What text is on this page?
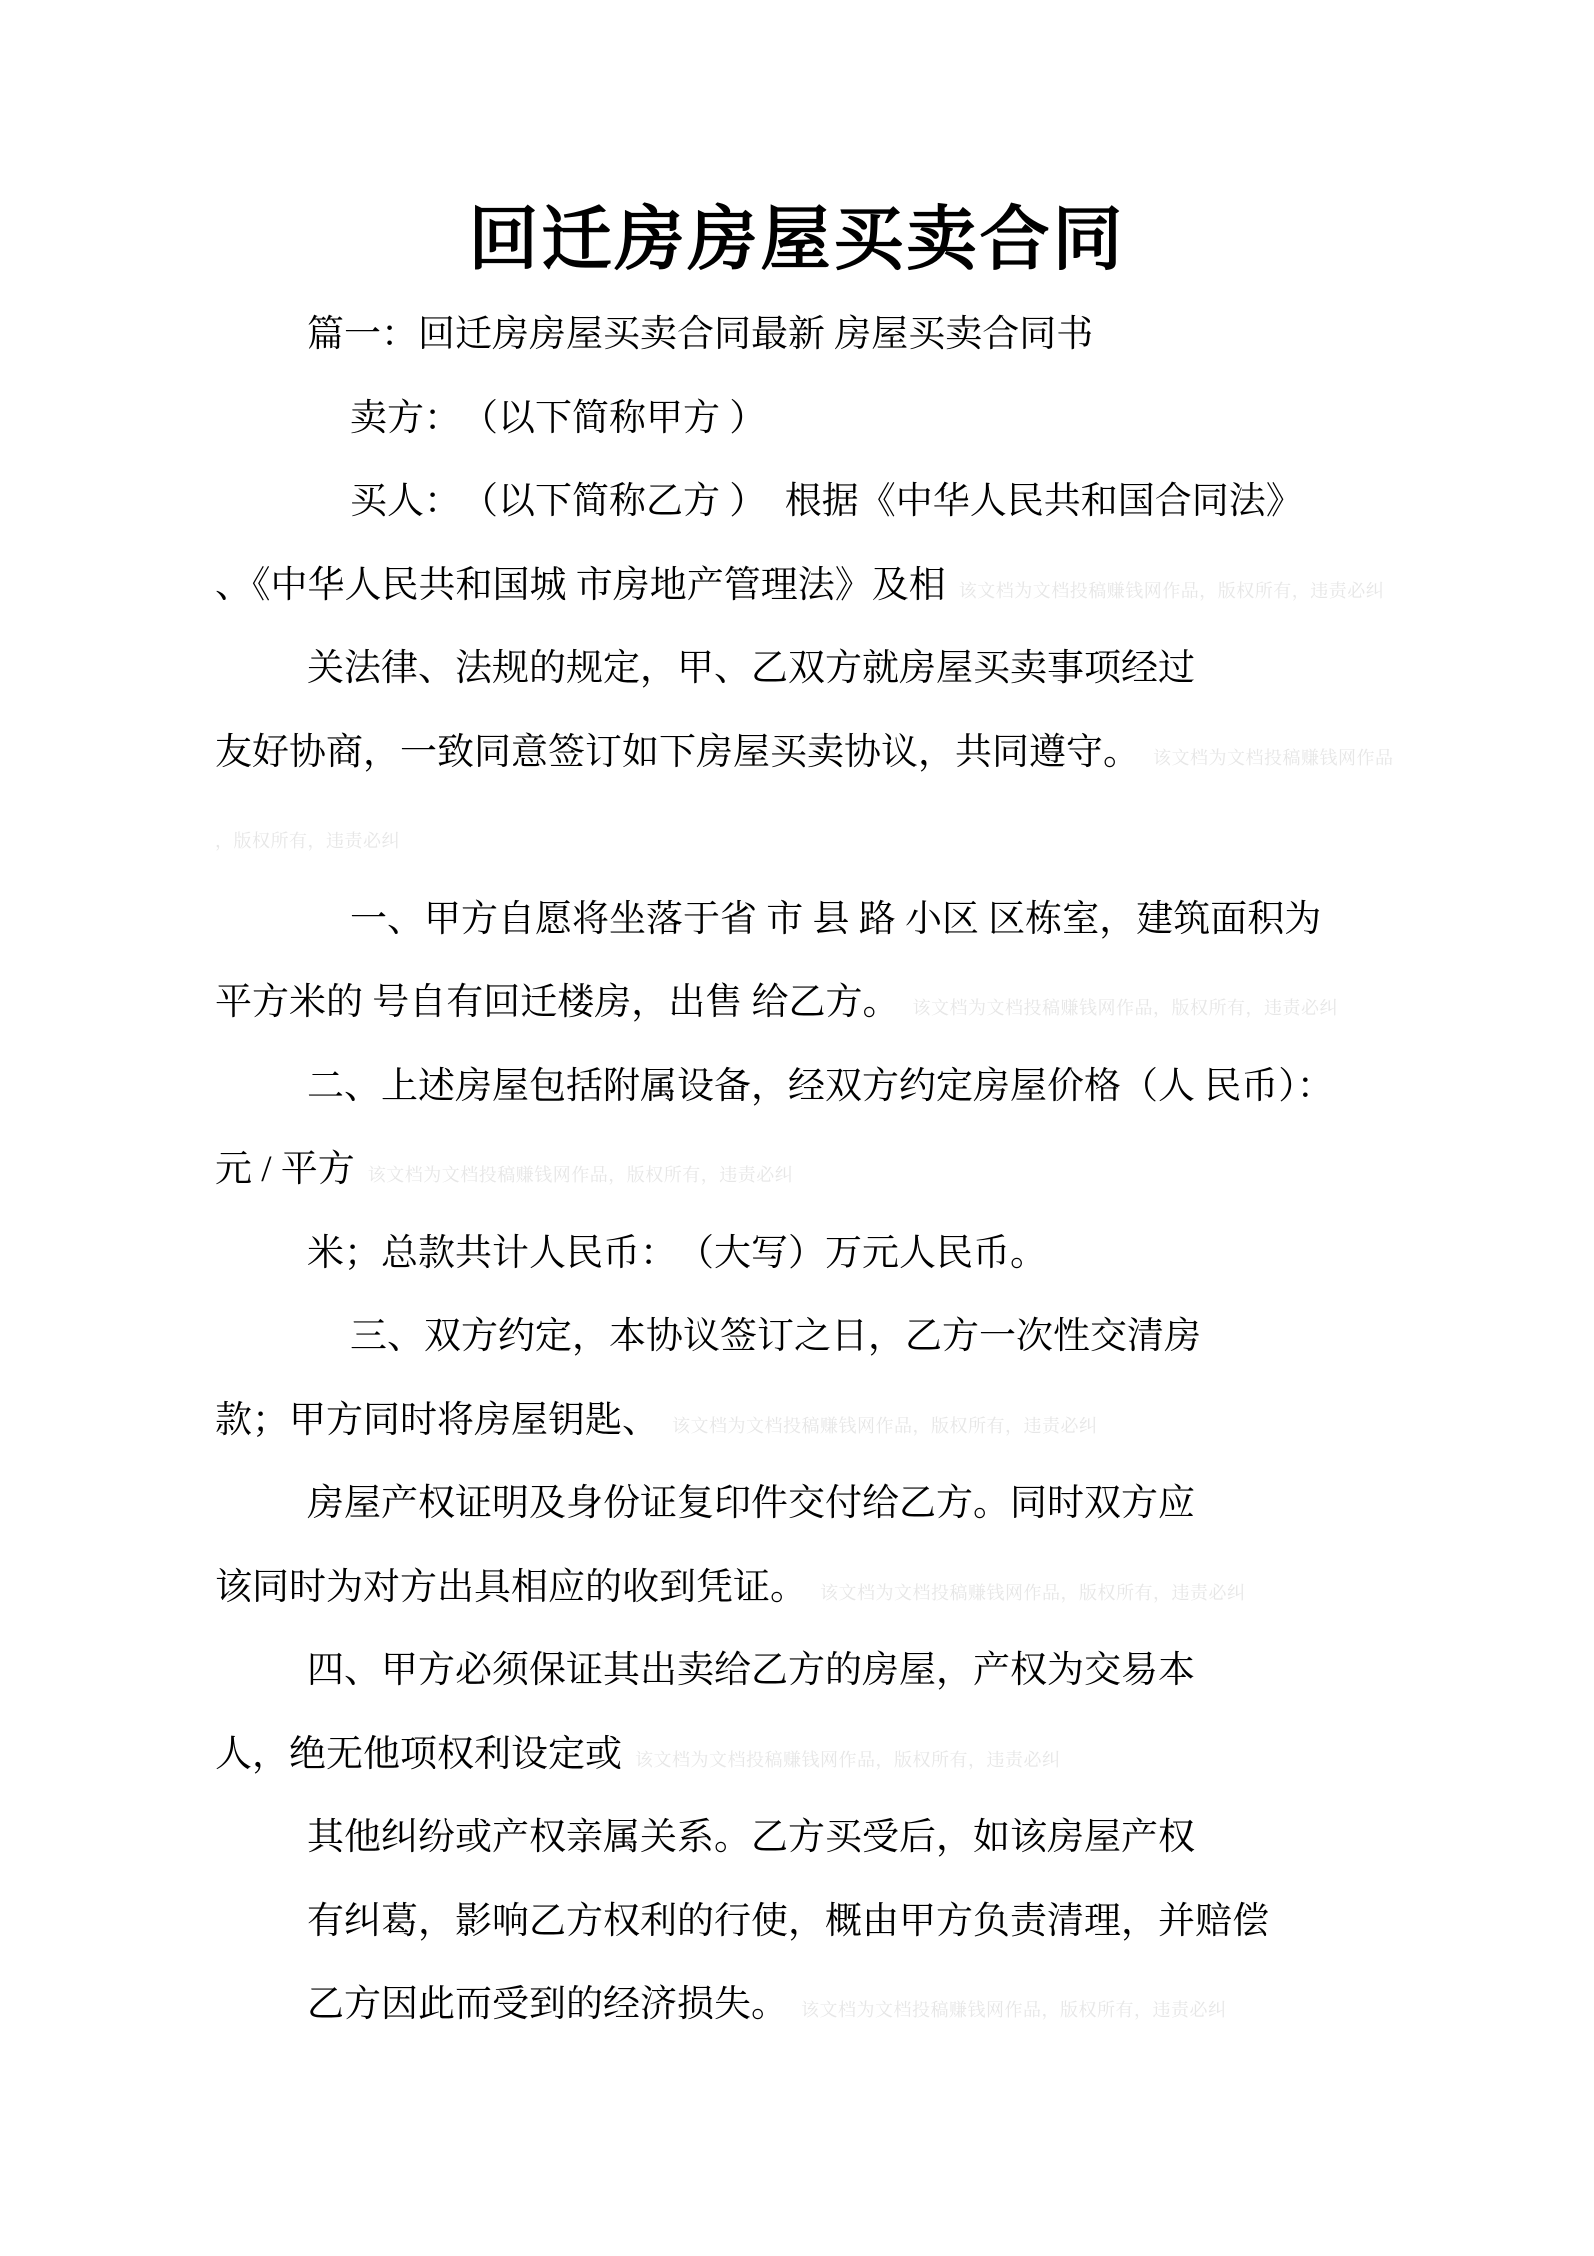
回迁房房屋买卖合同
篇一：回迁房房屋买卖合同最新 房屋买卖合同书
卖方：　（以下简称甲方 ）
买人：　（以下简称乙方 ）　根据《中华人民共和国合同法》
、《中华人民共和国城 市房地产管理法》及相 该文档为文档投稿赚钱网作品，版权所有，违责必纠
关法律、法规的规定，甲、乙双方就房屋买卖事项经过
友好协商，一致同意签订如下房屋买卖协议，共同遵守。 该文档为文档投稿赚钱网作品
，版权所有，违责必纠
一、甲方自愿将坐落于省 市 县 路 小区 区栋室，建筑面积为
平方米的 号自有回迁楼房，出售 给乙方。 该文档为文档投稿赚钱网作品，版权所有，违责必纠
二、上述房屋包括附属设备，经双方约定房屋价格（人 民币）：
元 / 平方 该文档为文档投稿赚钱网作品，版权所有，违责必纠
米；总款共计人民币：　（大写）万元人民币。
三、双方约定，本协议签订之日，乙方一次性交清房
款；甲方同时将房屋钥匙、 该文档为文档投稿赚钱网作品，版权所有，违责必纠
房屋产权证明及身份证复印件交付给乙方。同时双方应
该同时为对方出具相应的收到凭证。 该文档为文档投稿赚钱网作品，版权所有，违责必纠
四、甲方必须保证其出卖给乙方的房屋，产权为交易本
人，绝无他项权利设定或 该文档为文档投稿赚钱网作品，版权所有，违责必纠
其他纠纷或产权亲属关系。乙方买受后，如该房屋产权
有纠葛，影响乙方权利的行使，概由甲方负责清理，并赔偿
乙方因此而受到的经济损失。 该文档为文档投稿赚钱网作品，版权所有，违责必纠
